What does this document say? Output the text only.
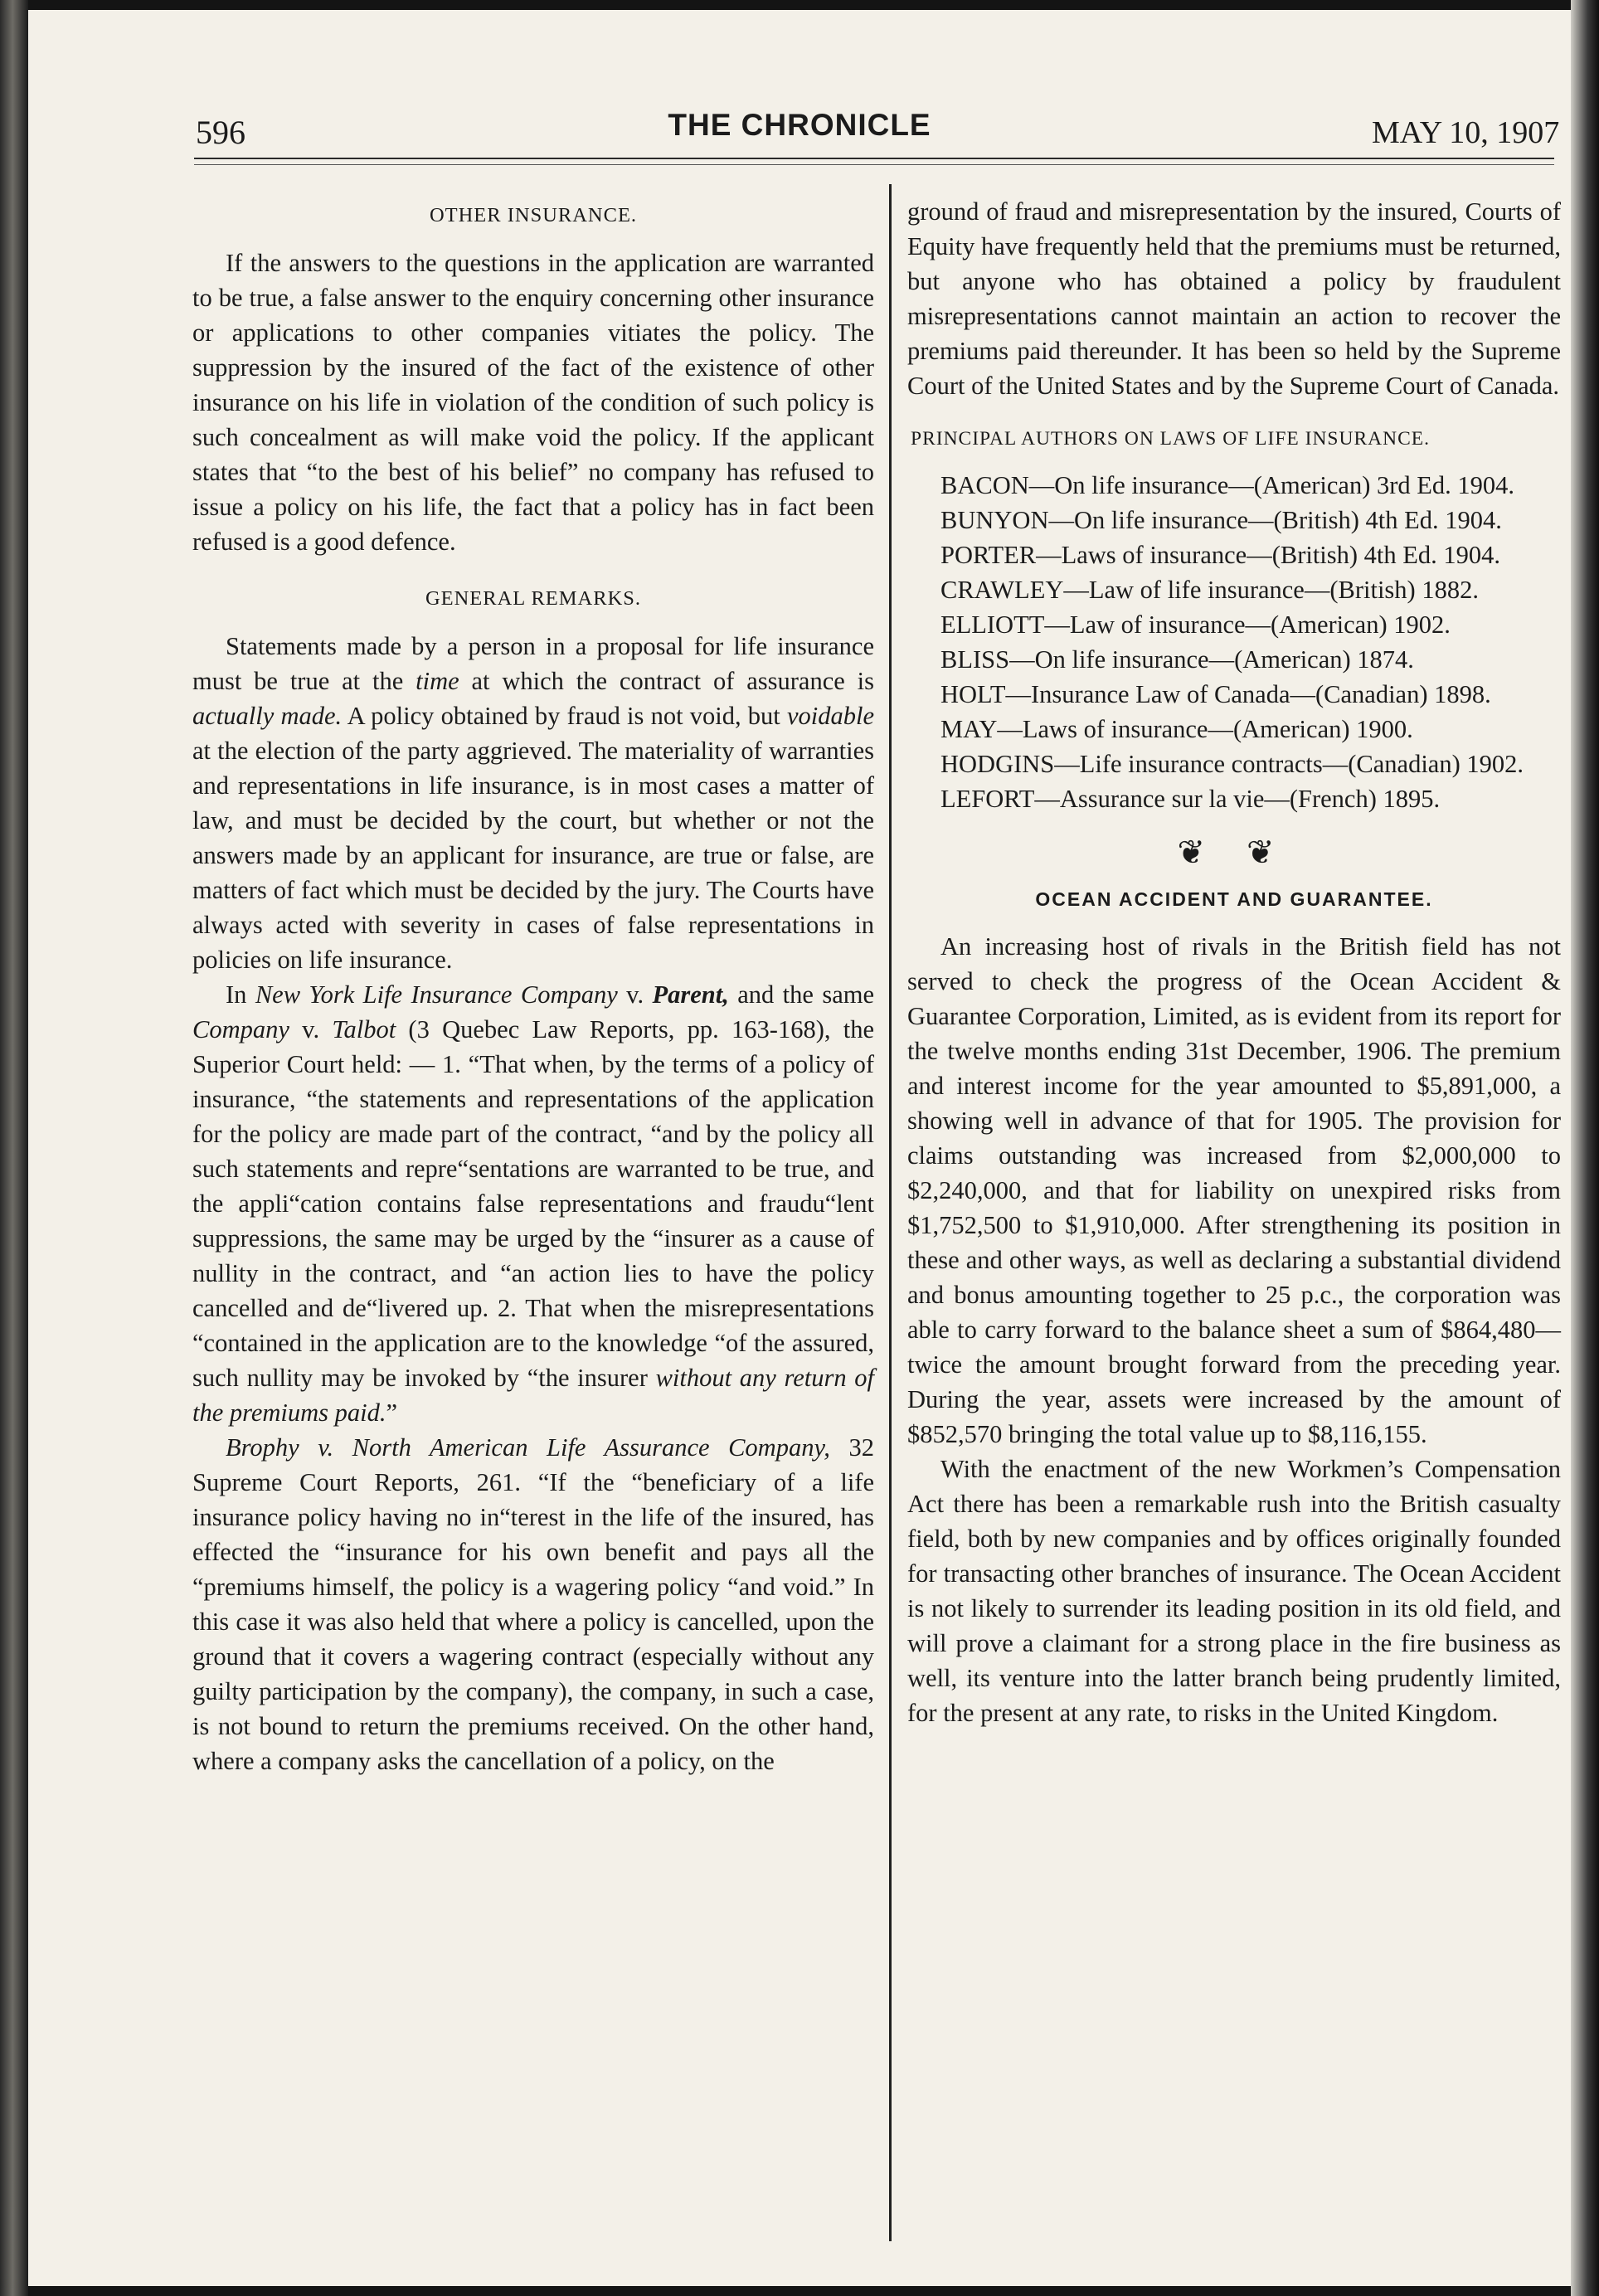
596	THE CHRONICLE	MAY 10, 1907
OTHER INSURANCE.

If the answers to the questions in the application are warranted to be true, a false answer to the enquiry concerning other insurance or applications to other companies vitiates the policy. The suppression by the insured of the fact of the existence of other insurance on his life in violation of the condition of such policy is such concealment as will make void the policy. If the applicant states that “to the best of his belief” no company has refused to issue a policy on his life, the fact that a policy has in fact been refused is a good defence.

GENERAL REMARKS.

Statements made by a person in a proposal for life insurance must be true at the time at which the contract of assurance is actually made. A policy obtained by fraud is not void, but voidable at the election of the party aggrieved. The materiality of warranties and representations in life insurance, is in most cases a matter of law, and must be decided by the court, but whether or not the answers made by an applicant for insurance, are true or false, are matters of fact which must be decided by the jury. The Courts have always acted with severity in cases of false representations in policies on life insurance.

In New York Life Insurance Company v. Parent, and the same Company v. Talbot (3 Quebec Law Reports, pp. 163-168), the Superior Court held: — 1. “That when, by the terms of a policy of insurance, “the statements and representations of the application for the policy are made part of the contract, “and by the policy all such statements and repre“sentations are warranted to be true, and the appli“cation contains false representations and fraudu“lent suppressions, the same may be urged by the “insurer as a cause of nullity in the contract, and “an action lies to have the policy cancelled and de“livered up. 2. That when the misrepresentations “contained in the application are to the knowledge “of the assured, such nullity may be invoked by “the insurer without any return of the premiums paid.”

Brophy v. North American Life Assurance Company, 32 Supreme Court Reports, 261. “If the “beneficiary of a life insurance policy having no in“terest in the life of the insured, has effected the “insurance for his own benefit and pays all the “premiums himself, the policy is a wagering policy “and void.” In this case it was also held that where a policy is cancelled, upon the ground that it covers a wagering contract (especially without any guilty participation by the company), the company, in such a case, is not bound to return the premiums received. On the other hand, where a company asks the cancellation of a policy, on the

ground of fraud and misrepresentation by the insured, Courts of Equity have frequently held that the premiums must be returned, but anyone who has obtained a policy by fraudulent misrepresentations cannot maintain an action to recover the premiums paid thereunder. It has been so held by the Supreme Court of the United States and by the Supreme Court of Canada.

PRINCIPAL AUTHORS ON LAWS OF LIFE INSURANCE.
BACON—On life insurance—(American) 3rd Ed. 1904.
BUNYON—On life insurance—(British) 4th Ed. 1904.
PORTER—Laws of insurance—(British) 4th Ed. 1904.
CRAWLEY—Law of life insurance—(British) 1882.
ELLIOTT—Law of insurance—(American) 1902.
BLISS—On life insurance—(American) 1874.
HOLT—Insurance Law of Canada—(Canadian) 1898.
MAY—Laws of insurance—(American) 1900.
HODGINS—Life insurance contracts—(Canadian) 1902.
LEFORT—Assurance sur la vie—(French) 1895.
❦ ❦
OCEAN ACCIDENT AND GUARANTEE.

An increasing host of rivals in the British field has not served to check the progress of the Ocean Accident & Guarantee Corporation, Limited, as is evident from its report for the twelve months ending 31st December, 1906. The premium and interest income for the year amounted to $5,891,000, a showing well in advance of that for 1905. The provision for claims outstanding was increased from $2,000,000 to $2,240,000, and that for liability on unexpired risks from $1,752,500 to $1,910,000. After strengthening its position in these and other ways, as well as declaring a substantial dividend and bonus amounting together to 25 p.c., the corporation was able to carry forward to the balance sheet a sum of $864,480—twice the amount brought forward from the preceding year. During the year, assets were increased by the amount of $852,570 bringing the total value up to $8,116,155.

With the enactment of the new Workmen’s Compensation Act there has been a remarkable rush into the British casualty field, both by new companies and by offices originally founded for transacting other branches of insurance. The Ocean Accident is not likely to surrender its leading position in its old field, and will prove a claimant for a strong place in the fire business as well, its venture into the latter branch being prudently limited, for the present at any rate, to risks in the United Kingdom.
